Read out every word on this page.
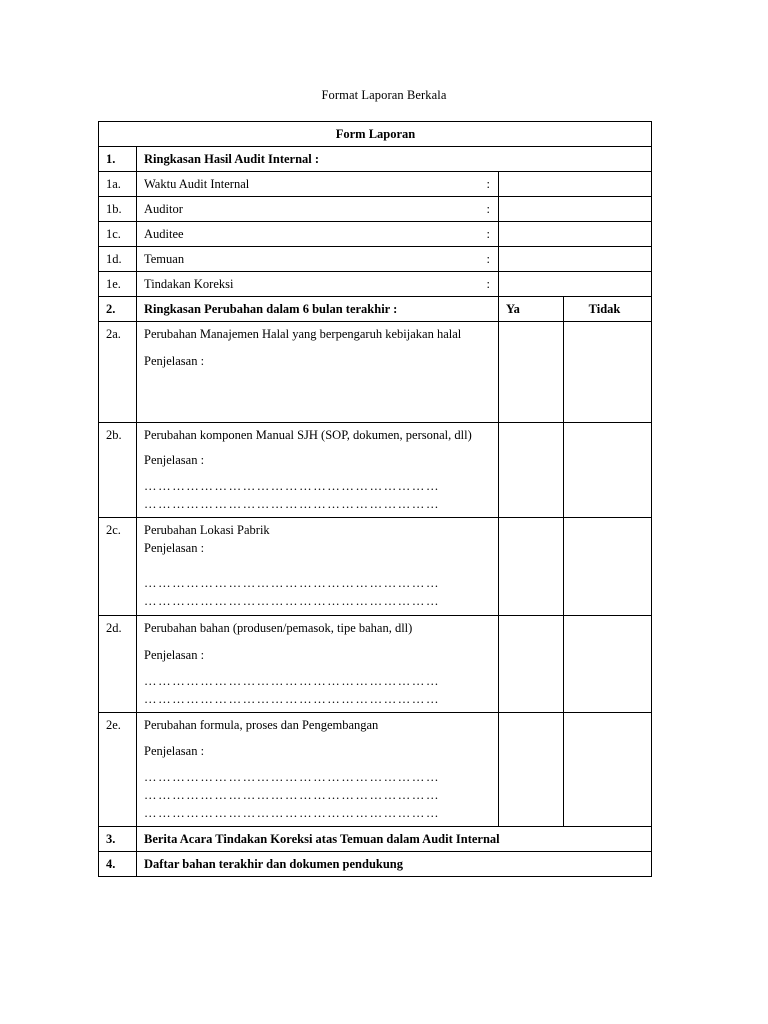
Format Laporan Berkala
Form Laporan			
1.	Ringkasan Hasil Audit Internal :		
1a.	Waktu Audit Internal :		

1b.	Auditor :		

1c.	Auditee :		

1d.	Temuan :		

1e.	Tindakan Koreksi :		

2.	Ringkasan Perubahan dalam 6 bulan terakhir :	Ya	Tidak
2a.	Perubahan Manajemen Halal yang berpengaruh kebijakan halal
Penjelasan :		

2b.	Perubahan komponen Manual SJH (SOP, dokumen, personal, dll)
Penjelasan :
………………………………………………………
………………………………………………………		

2c.	Perubahan Lokasi Pabrik
Penjelasan :
………………………………………………………
………………………………………………………		

2d.	Perubahan bahan (produsen/pemasok, tipe bahan, dll)
Penjelasan :
………………………………………………………
………………………………………………………		

2e.	Perubahan formula, proses dan Pengembangan
Penjelasan :
………………………………………………………
………………………………………………………
………………………………………………………		

3.	Berita Acara Tindakan Koreksi atas Temuan dalam Audit Internal		
4.	Daftar bahan terakhir dan dokumen pendukung		
